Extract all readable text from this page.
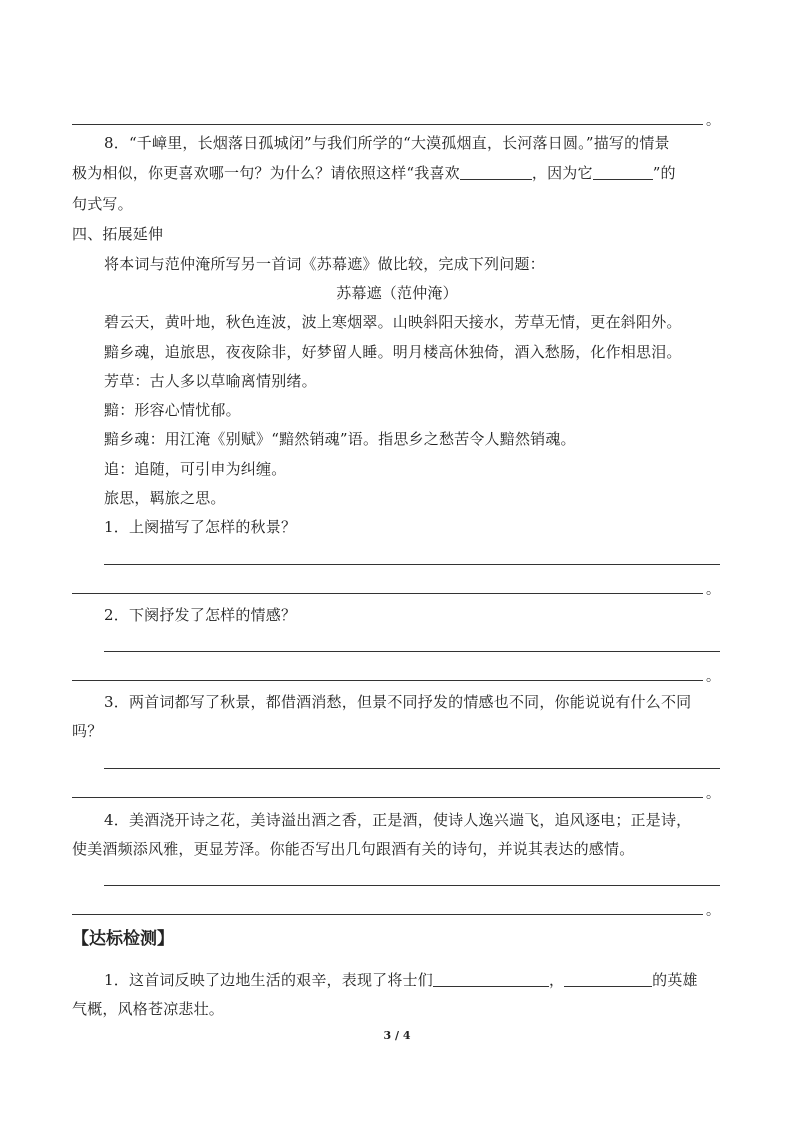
。
8．“千嶂里，长烟落日孤城闭”与我们所学的“大漠孤烟直，长河落日圆。”描写的情景
极为相似，你更喜欢哪一句？为什么？请依照这样“我喜欢	，因为它	”的
句式写。
四、拓展延伸
将本词与范仲淹所写另一首词《苏幕遮》做比较，完成下列问题：
苏幕遮（范仲淹）
碧云天，黄叶地，秋色连波，波上寒烟翠。山映斜阳天接水，芳草无情，更在斜阳外。
黯乡魂，追旅思，夜夜除非，好梦留人睡。明月楼高休独倚，酒入愁肠，化作相思泪。
芳草：古人多以草喻离情别绪。
黯：形容心情忧郁。
黯乡魂：用江淹《别赋》“黯然销魂”语。指思乡之愁苦令人黯然销魂。
追：追随，可引申为纠缠。
旅思，羁旅之思。
1．上阕描写了怎样的秋景？
。
2．下阕抒发了怎样的情感？
。
3．两首词都写了秋景，都借酒消愁，但景不同抒发的情感也不同，你能说说有什么不同
吗？
。
4．美酒浇开诗之花，美诗溢出酒之香，正是酒，使诗人逸兴遄飞，追风逐电；正是诗，
使美酒频添风雅，更显芳泽。你能否写出几句跟酒有关的诗句，并说其表达的感情。
。
【达标检测】
1．这首词反映了边地生活的艰辛，表现了将士们	，	的英雄
气概，风格苍凉悲壮。
3 / 4
